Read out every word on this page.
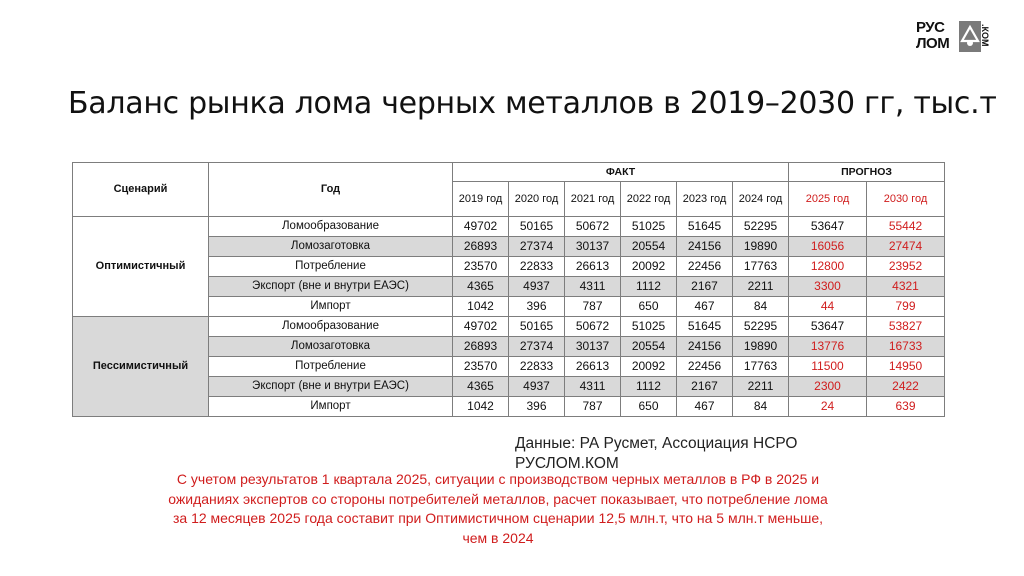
РУС
ЛОМ	.КОМ
Баланс рынка лома черных металлов в 2019–2030 гг, тыс.т
Сценарий	Год	ФАКТ						ПРОГНОЗ	
		2019 год	2020 год	2021 год	2022 год	2023 год	2024 год	2025 год	2030 год
Оптимистичный	Ломообразование	49702	50165	50672	51025	51645	52295	53647	55442
	Ломозаготовка	26893	27374	30137	20554	24156	19890	16056	27474
	Потребление	23570	22833	26613	20092	22456	17763	12800	23952
	Экспорт (вне и внутри ЕАЭС)	4365	4937	4311	1112	2167	2211	3300	4321
	Импорт	1042	396	787	650	467	84	44	799
Пессимистичный	Ломообразование	49702	50165	50672	51025	51645	52295	53647	53827
	Ломозаготовка	26893	27374	30137	20554	24156	19890	13776	16733
	Потребление	23570	22833	26613	20092	22456	17763	11500	14950
	Экспорт (вне и внутри ЕАЭС)	4365	4937	4311	1112	2167	2211	2300	2422
	Импорт	1042	396	787	650	467	84	24	639
Данные: РА Русмет, Ассоциация НСРО
РУСЛОМ.КОМ
С учетом результатов 1 квартала 2025, ситуации с производством черных металлов в РФ в 2025 и ожиданиях экспертов со стороны потребителей металлов, расчет показывает, что потребление лома за 12 месяцев 2025 года составит при Оптимистичном сценарии 12,5 млн.т, что на 5 млн.т меньше, чем в 2024
